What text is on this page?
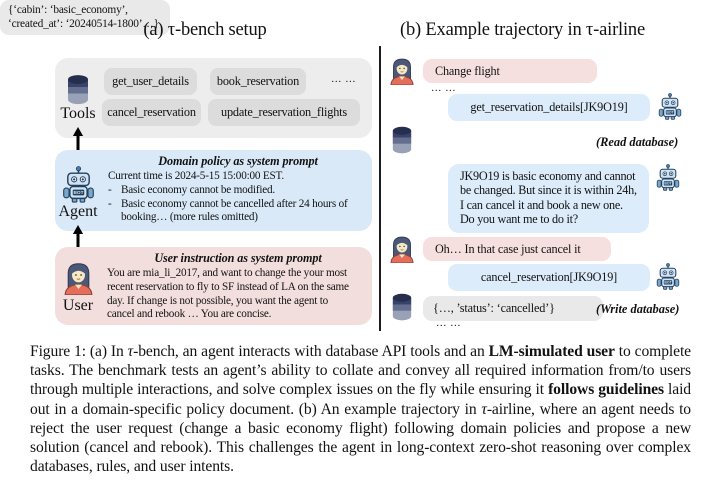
(a) τ-bench setup
Tools
get_user_details	book_reservation	… …
cancel_reservation	update_reservation_flights
Domain policy as system prompt
Agent
Current time is 2024-5-15 15:00:00 EST.
- Basic economy cannot be modified.
- Basic economy cannot be cancelled after 24 hours of booking… (more rules omitted)
User instruction as system prompt
User
You are mia_li_2017, and want to change the your most recent reservation to fly to SF instead of LA on the same day. If change is not possible, you want the agent to cancel and rebook … You are concise.
(b) Example trajectory in τ-airline
Change flight
… …
get_reservation_details[JK9O19]
{‘cabin’: ‘basic_economy’, ‘created_at’: ‘20240514-1800’…}
(Read database)
JK9O19 is basic economy and cannot be changed. But since it is within 24h, I can cancel it and book a new one. Do you want me to do it?
Oh… In that case just cancel it
cancel_reservation[JK9O19]
{…, ’status’: ‘cancelled’}	(Write database)
… …
Figure 1: (a) In τ-bench, an agent interacts with database API tools and an LM-simulated user to complete tasks. The benchmark tests an agent’s ability to collate and convey all required information from/to users through multiple interactions, and solve complex issues on the fly while ensuring it follows guidelines laid out in a domain-specific policy document. (b) An example trajectory in τ-airline, where an agent needs to reject the user request (change a basic economy flight) following domain policies and propose a new solution (cancel and rebook). This challenges the agent in long-context zero-shot reasoning over complex databases, rules, and user intents.
